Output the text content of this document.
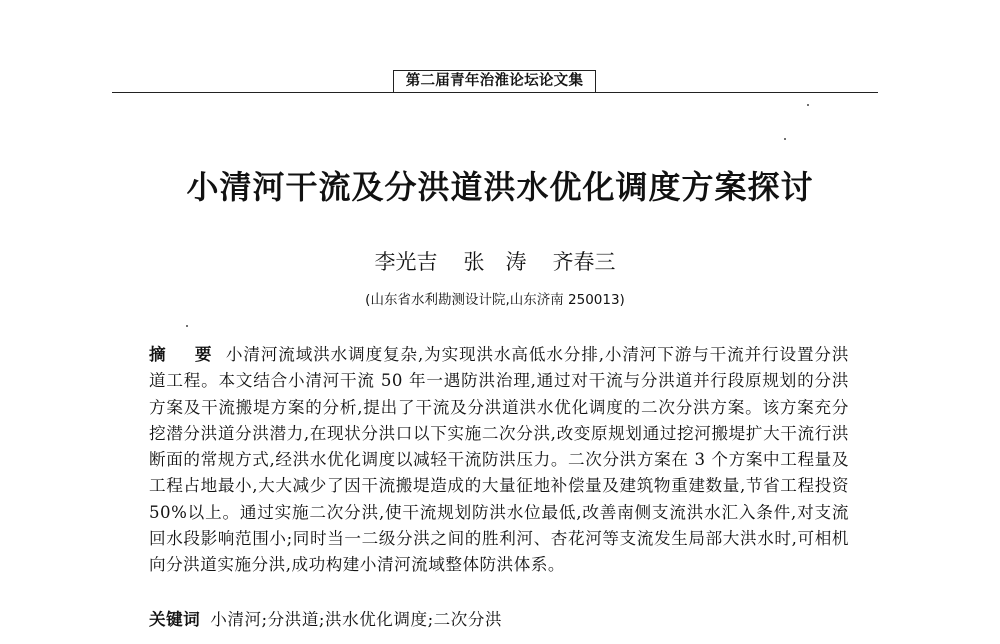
第二届青年治淮论坛论文集
小清河干流及分洪道洪水优化调度方案探讨
李光吉 张　涛 齐春三
(山东省水利勘测设计院,山东济南 250013)
摘　要 小清河流域洪水调度复杂,为实现洪水高低水分排,小清河下游与干流并行设置分洪道工程。本文结合小清河干流 50 年一遇防洪治理,通过对干流与分洪道并行段原规划的分洪方案及干流搬堤方案的分析,提出了干流及分洪道洪水优化调度的二次分洪方案。该方案充分挖潜分洪道分洪潜力,在现状分洪口以下实施二次分洪,改变原规划通过挖河搬堤扩大干流行洪断面的常规方式,经洪水优化调度以减轻干流防洪压力。二次分洪方案在 3 个方案中工程量及工程占地最小,大大减少了因干流搬堤造成的大量征地补偿量及建筑物重建数量,节省工程投资 50%以上。通过实施二次分洪,使干流规划防洪水位最低,改善南侧支流洪水汇入条件,对支流回水段影响范围小;同时当一二级分洪之间的胜利河、杏花河等支流发生局部大洪水时,可相机向分洪道实施分洪,成功构建小清河流域整体防洪体系。
关键词 小清河;分洪道;洪水优化调度;二次分洪
